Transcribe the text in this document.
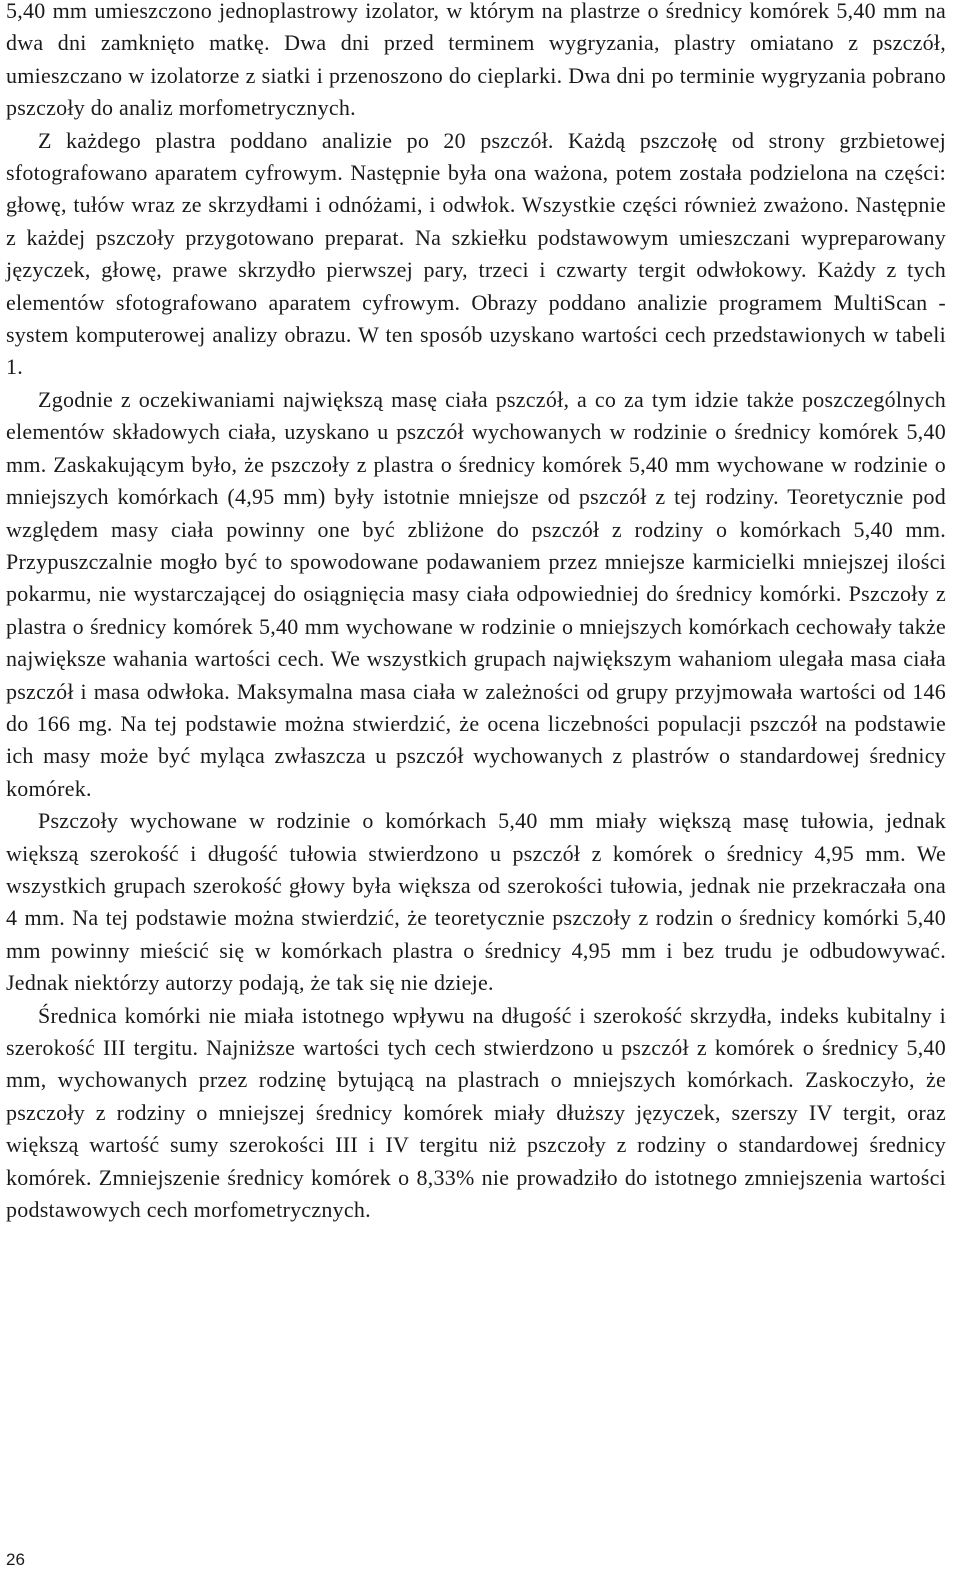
5,40 mm umieszczono jednoplastrowy izolator, w którym na plastrze o średnicy komórek 5,40 mm na dwa dni zamknięto matkę. Dwa dni przed terminem wygryzania, plastry omiatano z pszczół, umieszczano w izolatorze z siatki i przenoszono do cieplarki. Dwa dni po terminie wygryzania pobrano pszczoły do analiz morfometrycznych.

Z każdego plastra poddano analizie po 20 pszczół. Każdą pszczołę od strony grzbietowej sfotografowano aparatem cyfrowym. Następnie była ona ważona, potem została podzielona na części: głowę, tułów wraz ze skrzydłami i odnóżami, i odwłok. Wszystkie części również zważono. Następnie z każdej pszczoły przygotowano preparat. Na szkiełku podstawowym umieszczani wypreparowany języczek, głowę, prawe skrzydło pierwszej pary, trzeci i czwarty tergit odwłokowy. Każdy z tych elementów sfotografowano aparatem cyfrowym. Obrazy poddano analizie programem MultiScan - system komputerowej analizy obrazu. W ten sposób uzyskano wartości cech przedstawionych w tabeli 1.

Zgodnie z oczekiwaniami największą masę ciała pszczół, a co za tym idzie także poszczególnych elementów składowych ciała, uzyskano u pszczół wychowanych w rodzinie o średnicy komórek 5,40 mm. Zaskakującym było, że pszczoły z plastra o średnicy komórek 5,40 mm wychowane w rodzinie o mniejszych komórkach (4,95 mm) były istotnie mniejsze od pszczół z tej rodziny. Teoretycznie pod względem masy ciała powinny one być zbliżone do pszczół z rodziny o komórkach 5,40 mm. Przypuszczalnie mogło być to spowodowane podawaniem przez mniejsze karmicielki mniejszej ilości pokarmu, nie wystarczającej do osiągnięcia masy ciała odpowiedniej do średnicy komórki. Pszczoły z plastra o średnicy komórek 5,40 mm wychowane w rodzinie o mniejszych komórkach cechowały także największe wahania wartości cech. We wszystkich grupach największym wahaniom ulegała masa ciała pszczół i masa odwłoka. Maksymalna masa ciała w zależności od grupy przyjmowała wartości od 146 do 166 mg. Na tej podstawie można stwierdzić, że ocena liczebności populacji pszczół na podstawie ich masy może być myląca zwłaszcza u pszczół wychowanych z plastrów o standardowej średnicy komórek.

Pszczoły wychowane w rodzinie o komórkach 5,40 mm miały większą masę tułowia, jednak większą szerokość i długość tułowia stwierdzono u pszczół z komórek o średnicy 4,95 mm. We wszystkich grupach szerokość głowy była większa od szerokości tułowia, jednak nie przekraczała ona 4 mm. Na tej podstawie można stwierdzić, że teoretycznie pszczoły z rodzin o średnicy komórki 5,40 mm powinny mieścić się w komórkach plastra o średnicy 4,95 mm i bez trudu je odbudowywać. Jednak niektórzy autorzy podają, że tak się nie dzieje.

Średnica komórki nie miała istotnego wpływu na długość i szerokość skrzydła, indeks kubitalny i szerokość III tergitu. Najniższe wartości tych cech stwierdzono u pszczół z komórek o średnicy 5,40 mm, wychowanych przez rodzinę bytującą na plastrach o mniejszych komórkach. Zaskoczyło, że pszczoły z rodziny o mniejszej średnicy komórek miały dłuższy języczek, szerszy IV tergit, oraz większą wartość sumy szerokości III i IV tergitu niż pszczoły z rodziny o standardowej średnicy komórek. Zmniejszenie średnicy komórek o 8,33% nie prowadziło do istotnego zmniejszenia wartości podstawowych cech morfometrycznych.

26
